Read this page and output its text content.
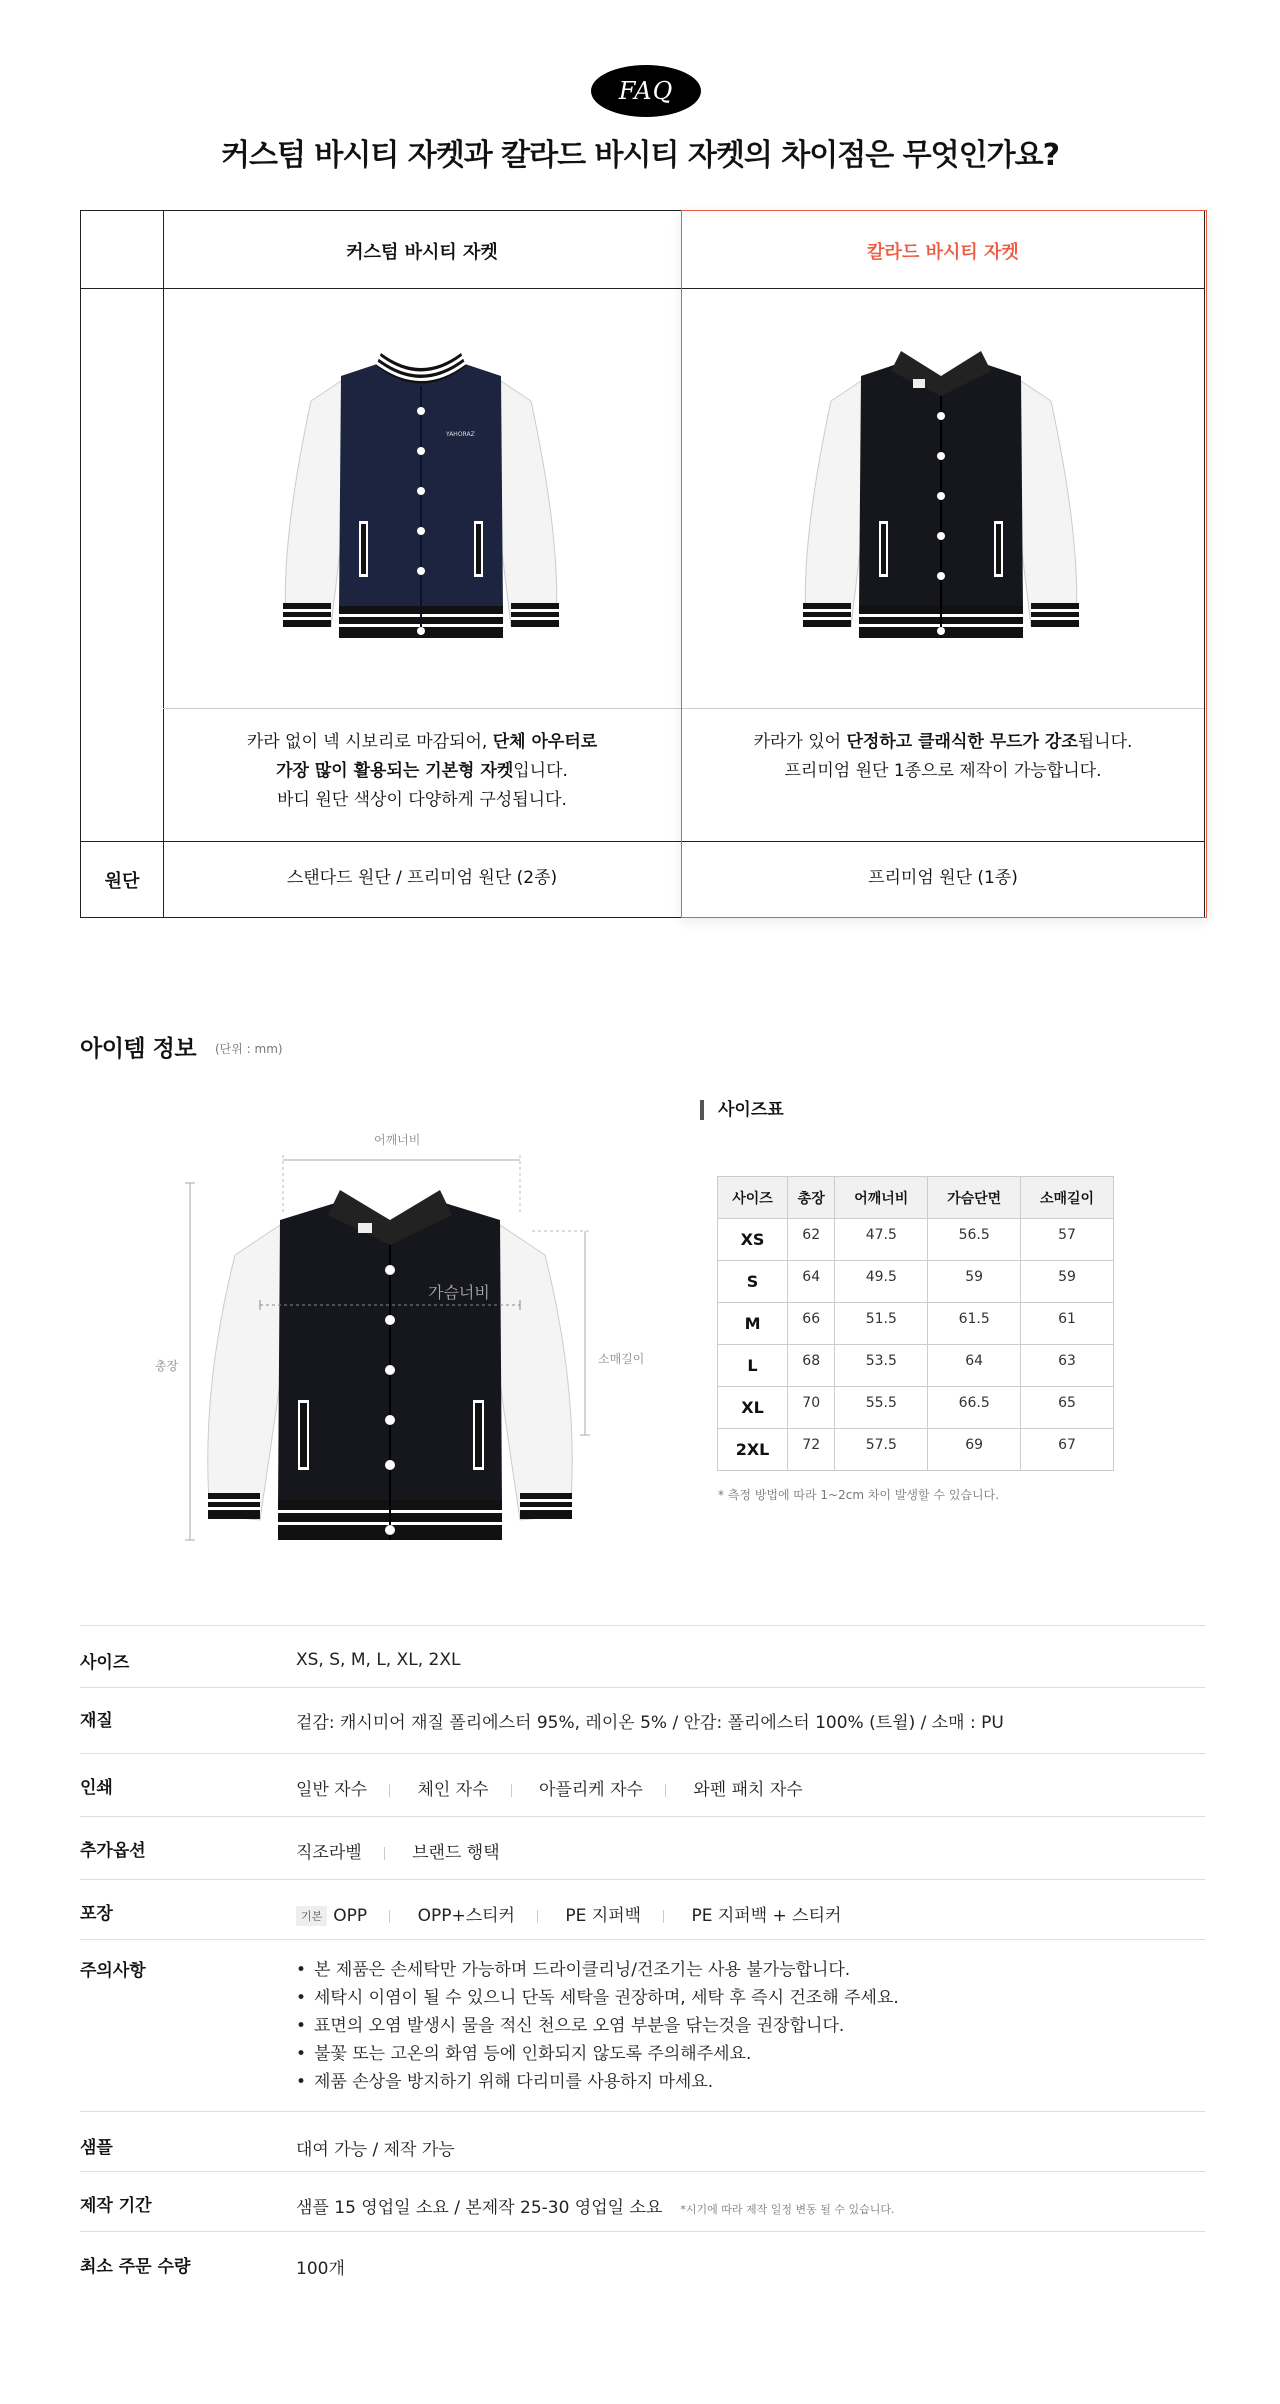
FAQ
커스텀 바시티 자켓과 칼라드 바시티 자켓의 차이점은 무엇인가요?
커스텀 바시티 자켓	칼라드 바시티 자켓
YAHORAZ
카라 없이 넥 시보리로 마감되어, 단체 아우터로
가장 많이 활용되는 기본형 자켓입니다.
바디 원단 색상이 다양하게 구성됩니다.
카라가 있어 단정하고 클래식한 무드가 강조됩니다.
프리미엄 원단 1종으로 제작이 가능합니다.
원단	스탠다드 원단 / 프리미엄 원단 (2종)	프리미엄 원단 (1종)
아이템 정보 (단위 : mm)
어깨너비
가슴너비
총장	소매길이
사이즈표
사이즈	총장	어깨너비	가슴단면	소매길이
XS	62	47.5	56.5	57
S	64	49.5	59	59
M	66	51.5	61.5	61
L	68	53.5	64	63
XL	70	55.5	66.5	65
2XL	72	57.5	69	67
* 측정 방법에 따라 1~2cm 차이 발생할 수 있습니다.
사이즈	XS, S, M, L, XL, 2XL
재질	겉감: 캐시미어 재질 폴리에스터 95%, 레이온 5% / 안감: 폴리에스터 100% (트윌) / 소매 : PU
인쇄	일반 자수	체인 자수	아플리케 자수	와펜 패치 자수
추가옵션	직조라벨	브랜드 행택
포장	기본 OPP	OPP+스티커	PE 지퍼백	PE 지퍼백 + 스티커
주의사항	• 본 제품은 손세탁만 가능하며 드라이클리닝/건조기는 사용 불가능합니다.
• 세탁시 이염이 될 수 있으니 단독 세탁을 권장하며, 세탁 후 즉시 건조해 주세요.
• 표면의 오염 발생시 물을 적신 천으로 오염 부분을 닦는것을 권장합니다.
• 불꽃 또는 고온의 화염 등에 인화되지 않도록 주의해주세요.
• 제품 손상을 방지하기 위해 다리미를 사용하지 마세요.
샘플	대여 가능 / 제작 가능
제작 기간	샘플 15 영업일 소요 / 본제작 25-30 영업일 소요 *시기에 따라 제작 일정 변동 될 수 있습니다.
최소 주문 수량	100개
